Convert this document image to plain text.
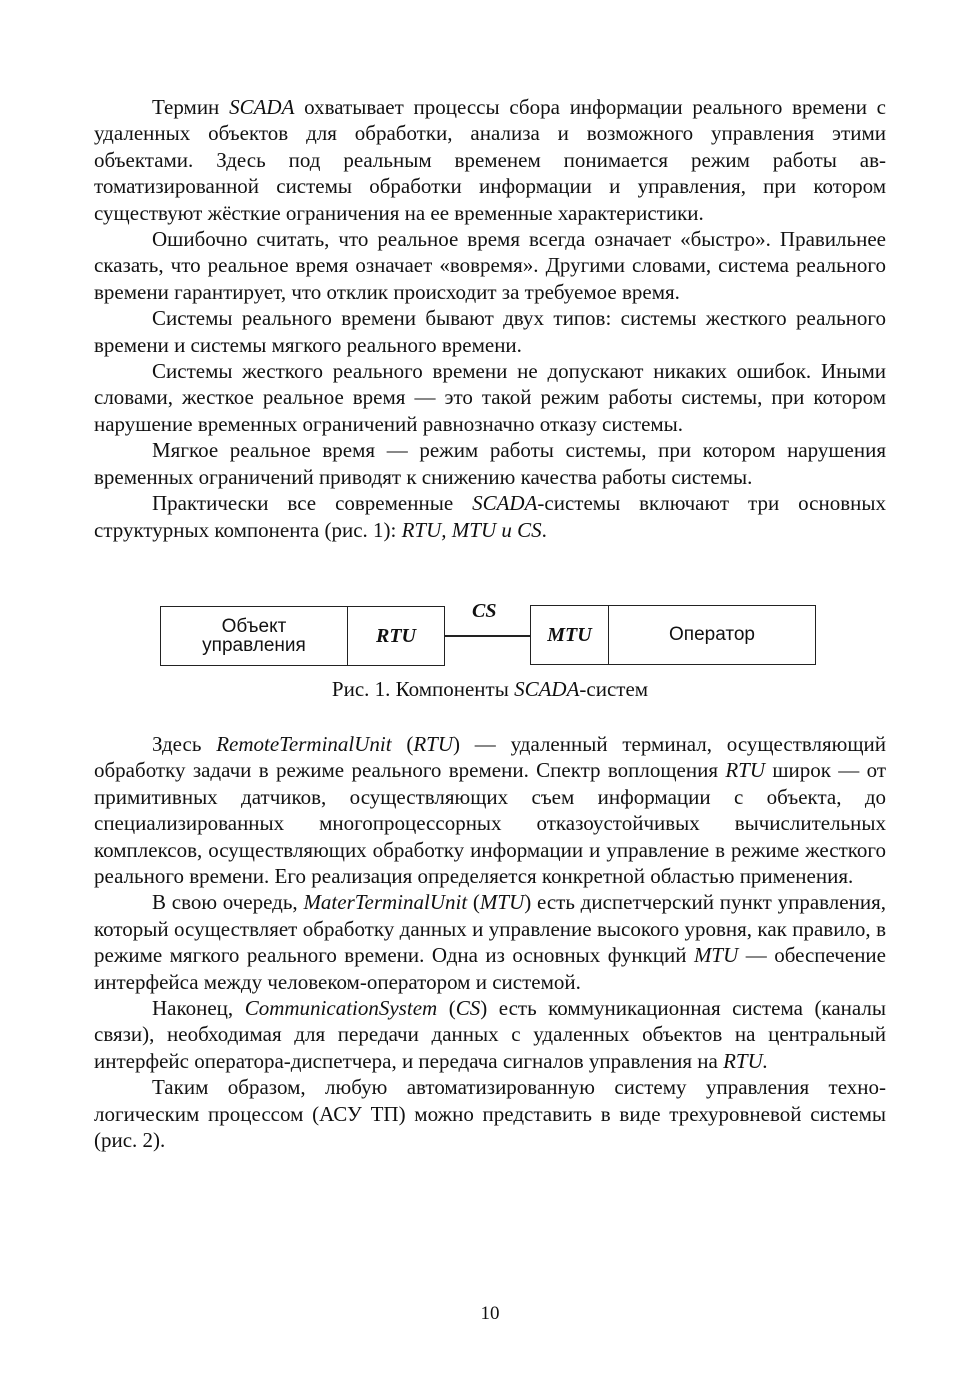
Термин SCADA охватывает процессы сбора информации реального времени с удаленных объектов для обработки, анализа и возможного управления этими объектами. Здесь под реальным временем понимается режим работы автоматизированной системы обработки информации и управления, при котором существуют жёсткие ограничения на ее временные характеристики.

Ошибочно считать, что реальное время всегда означает «быстро». Правильнее сказать, что реальное время означает «вовремя». Другими словами, система реального времени гарантирует, что отклик происходит за требуемое время.

Системы реального времени бывают двух типов: системы жесткого реального времени и системы мягкого реального времени.

Системы жесткого реального времени не допускают никаких ошибок. Иными словами, жесткое реальное время — это такой режим работы системы, при котором нарушение временных ограничений равнозначно отказу системы.

Мягкое реальное время — режим работы системы, при котором нарушения временных ограничений приводят к снижению качества работы системы.

Практически все современные SCADA-системы включают три основных структурных компонента (рис. 1): RTU, MTU и CS.

Объект
управления	RTU
CS
MTU	Оператор
Рис. 1. Компоненты SCADA-систем

Здесь RemoteTerminalUnit (RTU) — удаленный терминал, осуществляющий обработку задачи в режиме реального времени. Спектр воплощения RTU широк — от примитивных датчиков, осуществляющих съем информации с объекта, до специализированных многопроцессорных отказоустойчивых вычислительных комплексов, осуществляющих обработку информации и управление в режиме жесткого реального времени. Его реализация определяется конкретной областью применения.

В свою очередь, MaterTerminalUnit (MTU) есть диспетчерский пункт управления, который осуществляет обработку данных и управление высокого уровня, как правило, в режиме мягкого реального времени. Одна из основных функций MTU — обеспечение интерфейса между человеком-оператором и системой.

Наконец, CommunicationSystem (CS) есть коммуникационная система (каналы связи), необходимая для передачи данных с удаленных объектов на центральный интерфейс оператора-диспетчера, и передача сигналов управления на RTU.

Таким образом, любую автоматизированную систему управления технологическим процессом (АСУ ТП) можно представить в виде трехуровневой системы (рис. 2).

10
